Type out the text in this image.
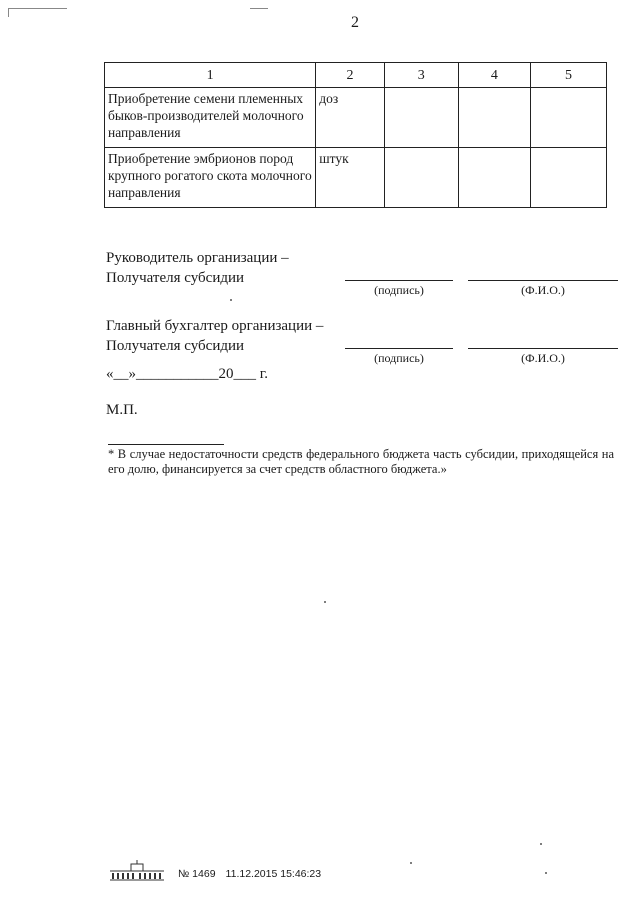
2
1	2	3	4	5
Приобретение семени племенных быков-производителей молочного направления	доз			
Приобретение эмбрионов пород крупного рогатого скота молочного направления	штук			
Руководитель организации –
Получателя субсидии
(подпись)	(Ф.И.О.)
Главный бухгалтер организации –
Получателя субсидии
(подпись)	(Ф.И.О.)
«__»___________20___ г.
М.П.
* В случае недостаточности средств федерального бюджета часть субсидии, приходящейся на его долю, финансируется за счет средств областного бюджета.»
№ 1469 11.12.2015 15:46:23
